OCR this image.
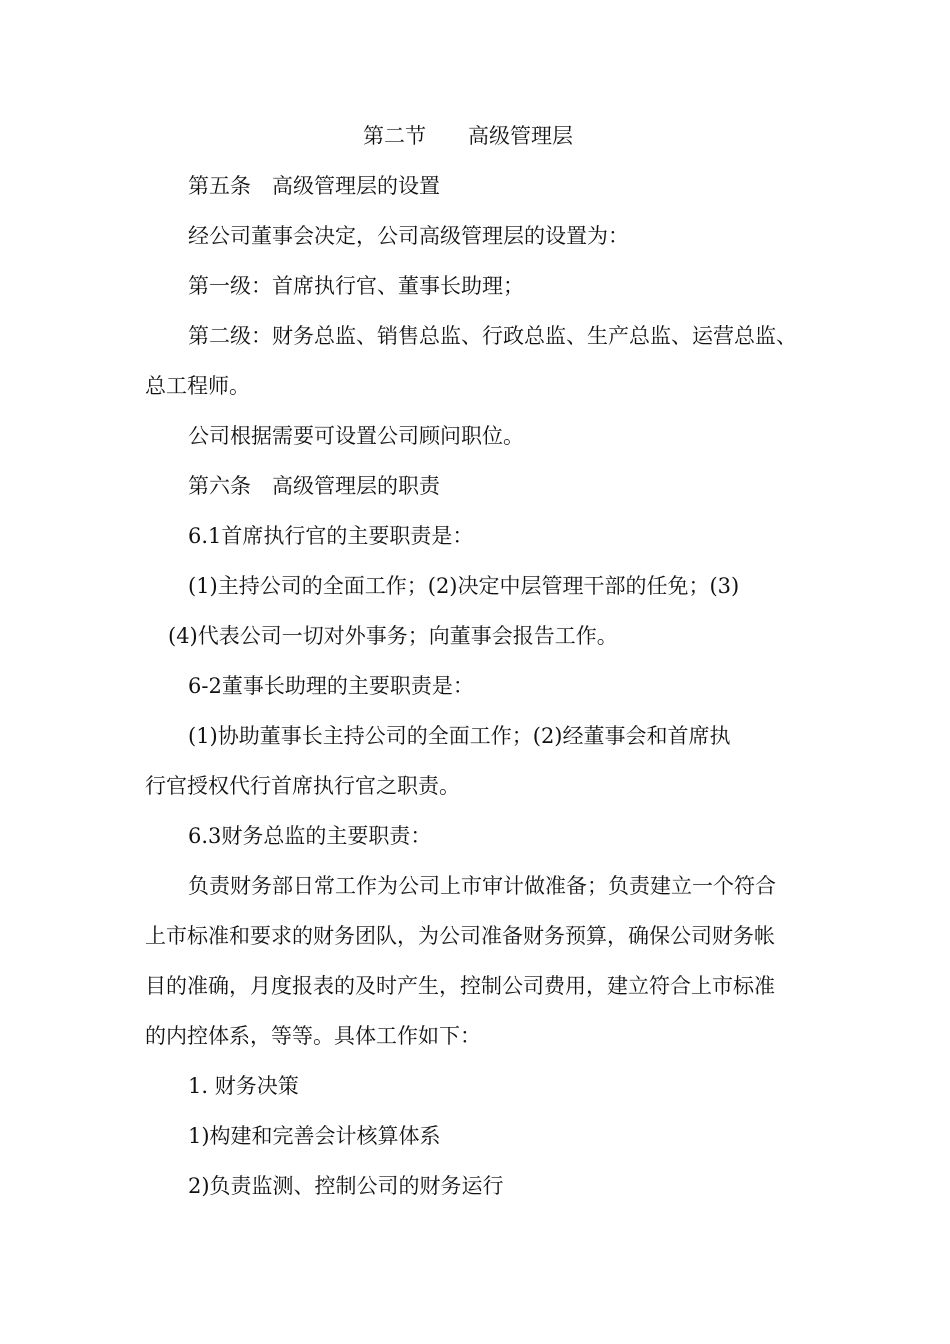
第二节　　高级管理层
第五条　高级管理层的设置
经公司董事会决定，公司高级管理层的设置为：
第一级：首席执行官、董事长助理；
第二级：财务总监、销售总监、行政总监、生产总监、运营总监、
总工程师。
公司根据需要可设置公司顾问职位。
第六条　高级管理层的职责
6.1首席执行官的主要职责是：
(1)主持公司的全面工作；(2)决定中层管理干部的任免；(3)
(4)代表公司一切对外事务；向董事会报告工作。
6-2董事长助理的主要职责是：
(1)协助董事长主持公司的全面工作；(2)经董事会和首席执
行官授权代行首席执行官之职责。
6.3财务总监的主要职责：
负责财务部日常工作为公司上市审计做准备；负责建立一个符合
上市标准和要求的财务团队，为公司准备财务预算，确保公司财务帐
目的准确，月度报表的及时产生，控制公司费用，建立符合上市标准
的内控体系，等等。具体工作如下：
1. 财务决策
1)构建和完善会计核算体系
2)负责监测、控制公司的财务运行
